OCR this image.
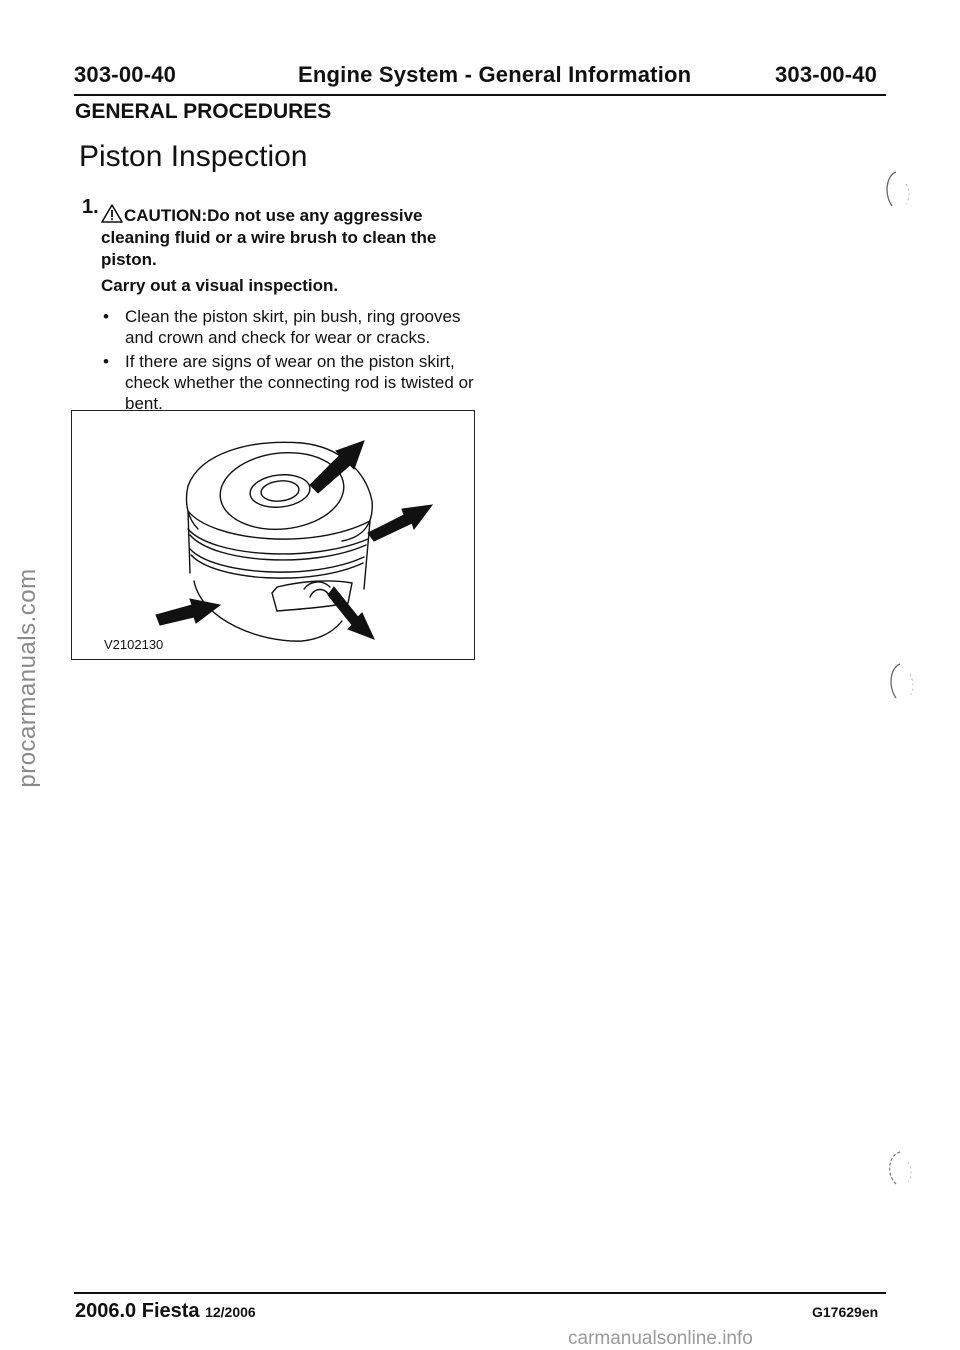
303-00-40	Engine System - General Information	303-00-40
GENERAL PROCEDURES
Piston Inspection
1.	CAUTION:Do not use any aggressive cleaning fluid or a wire brush to clean the piston.
Carry out a visual inspection.
• Clean the piston skirt, pin bush, ring grooves and crown and check for wear or cracks.
• If there are signs of wear on the piston skirt, check whether the connecting rod is twisted or bent.
V2102130
procarmanuals.com
2006.0 Fiesta 12/2006	G17629en
carmanualsonline.info
